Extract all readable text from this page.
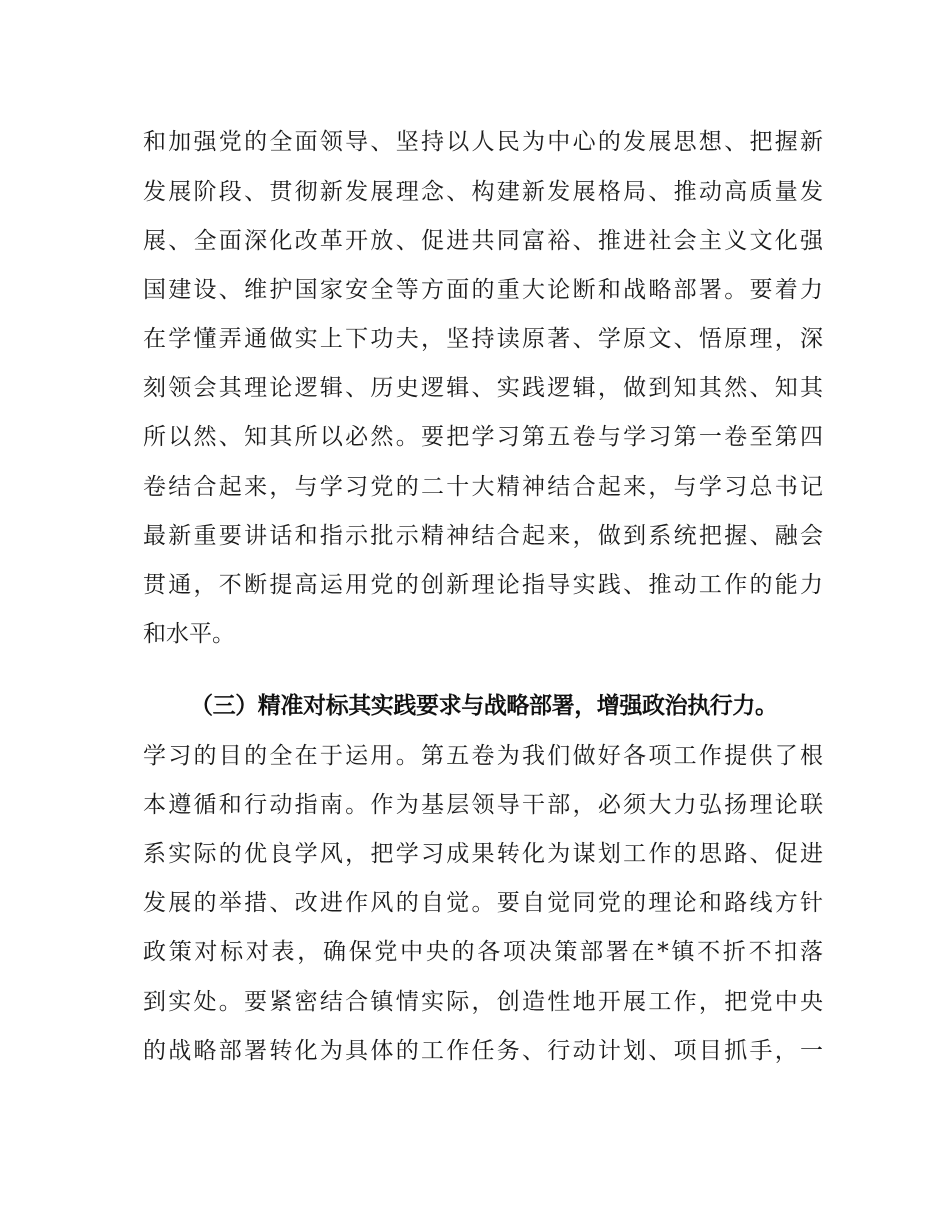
和加强党的全面领导、坚持以人民为中心的发展思想、把握新
发展阶段、贯彻新发展理念、构建新发展格局、推动高质量发
展、全面深化改革开放、促进共同富裕、推进社会主义文化强
国建设、维护国家安全等方面的重大论断和战略部署。要着力
在学懂弄通做实上下功夫，坚持读原著、学原文、悟原理，深
刻领会其理论逻辑、历史逻辑、实践逻辑，做到知其然、知其
所以然、知其所以必然。要把学习第五卷与学习第一卷至第四
卷结合起来，与学习党的二十大精神结合起来，与学习总书记
最新重要讲话和指示批示精神结合起来，做到系统把握、融会
贯通，不断提高运用党的创新理论指导实践、推动工作的能力
和水平。
（三）精准对标其实践要求与战略部署，增强政治执行力。
学习的目的全在于运用。第五卷为我们做好各项工作提供了根
本遵循和行动指南。作为基层领导干部，必须大力弘扬理论联
系实际的优良学风，把学习成果转化为谋划工作的思路、促进
发展的举措、改进作风的自觉。要自觉同党的理论和路线方针
政策对标对表，确保党中央的各项决策部署在*镇不折不扣落
到实处。要紧密结合镇情实际，创造性地开展工作，把党中央
的战略部署转化为具体的工作任务、行动计划、项目抓手，一
